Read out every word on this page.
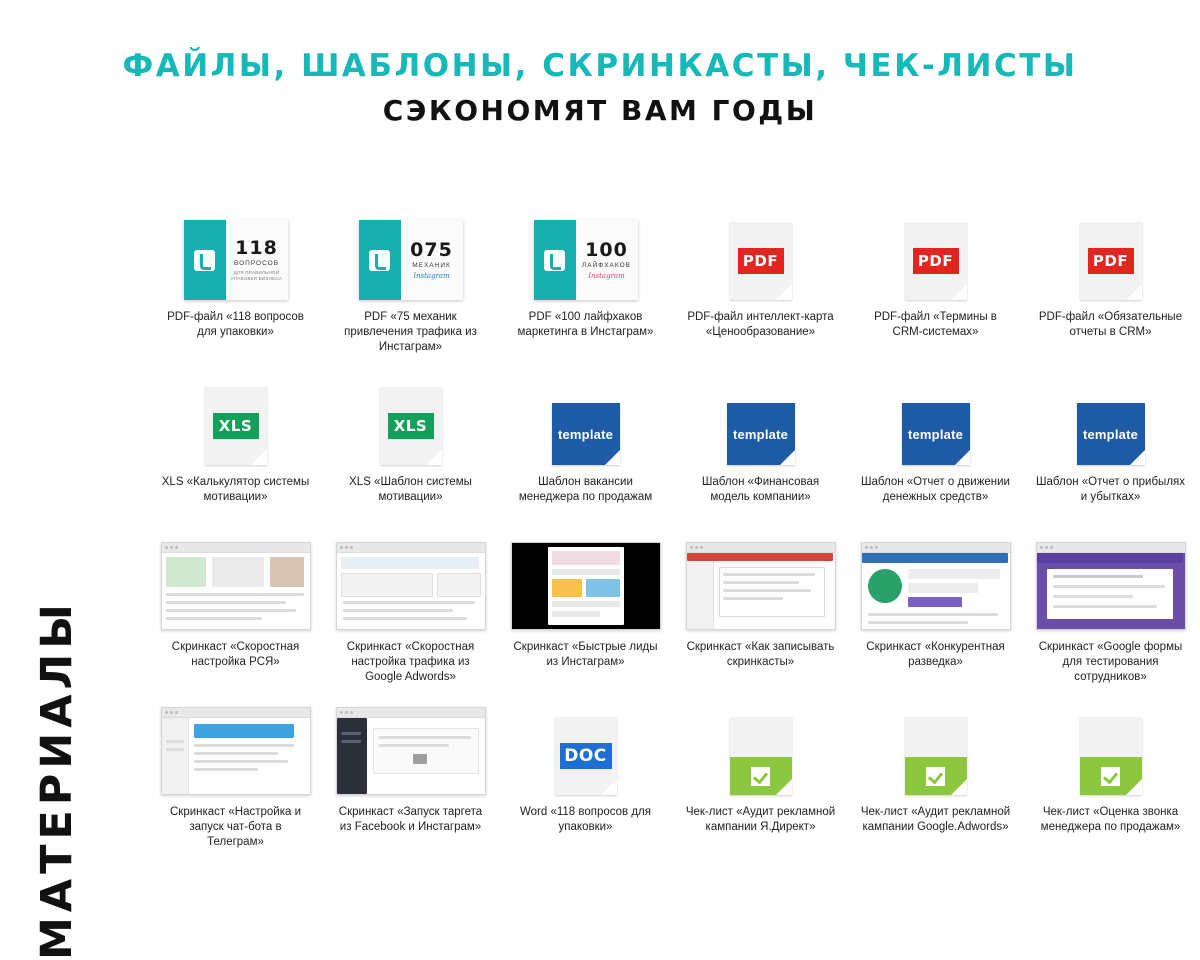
ФАЙЛЫ, ШАБЛОНЫ, СКРИНКАСТЫ, ЧЕК-ЛИСТЫ
СЭКОНОМЯТ ВАМ ГОДЫ
МАТЕРИАЛЫ
118
ВОПРОСОВ
ДЛЯ ПРАВИЛЬНОЙ УПАКОВКИ БИЗНЕСА
PDF-файл «118 вопросов для упаковки»
075
МЕХАНИК
Instagram
PDF «75 механик привлечения трафика из Инстаграм»
100
ЛАЙФХАКОВ
Instagram
PDF «100 лайфхаков маркетинга в Инстаграм»
PDF
PDF-файл интеллект-карта «Ценообразование»
PDF
PDF-файл «Термины в CRM-системах»
PDF
PDF-файл «Обязательные отчеты в CRM»
XLS
XLS «Калькулятор системы мотивации»
XLS
XLS «Шаблон системы мотивации»
template
Шаблон вакансии менеджера по продажам
template
Шаблон «Финансовая модель компании»
template
Шаблон «Отчет о движении денежных средств»
template
Шаблон «Отчет о прибылях и убытках»
Скринкаст «Скоростная настройка РСЯ»
Скринкаст «Скоростная настройка трафика из Google Adwords»
Скринкаст «Быстрые лиды из Инстаграм»
Скринкаст «Как записывать скринкасты»
Скринкаст «Конкурентная разведка»
Скринкаст «Google формы для тестирования сотрудников»
Скринкаст «Настройка и запуск чат-бота в Телеграм»
Скринкаст «Запуск таргета из Facebook и Инстаграм»
DOC
Word «118 вопросов для упаковки»
Чек-лист «Аудит рекламной кампании Я.Директ»
Чек-лист «Аудит рекламной кампании Google.Adwords»
Чек-лист «Оценка звонка менеджера по продажам»
